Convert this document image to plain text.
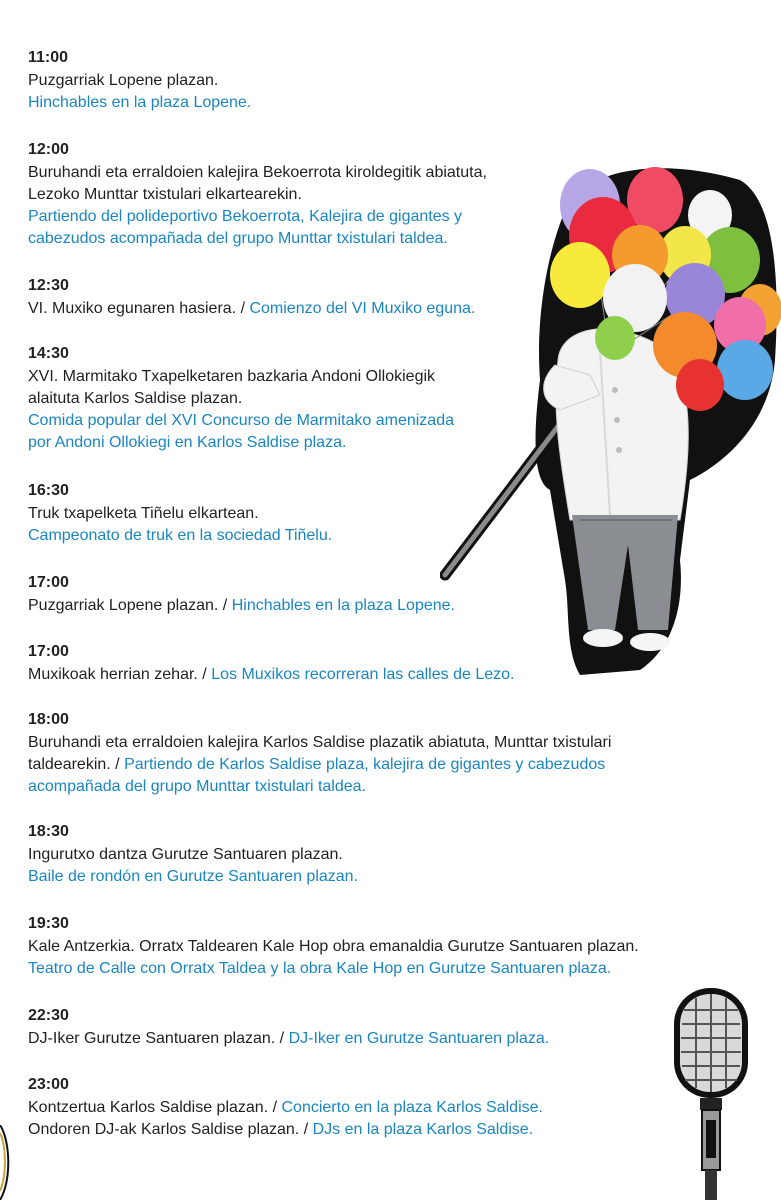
11:00
Puzgarriak Lopene plazan.
Hinchables en la plaza Lopene.
12:00
Buruhandi eta erraldoien kalejira Bekoerrota kiroldegitik abiatuta,
Lezoko Munttar txistulari elkartearekin.
Partiendo del polideportivo Bekoerrota, Kalejira de gigantes y
cabezudos acompañada del grupo Munttar txistulari taldea.
12:30
VI. Muxiko egunaren hasiera. / Comienzo del VI Muxiko eguna.
14:30
XVI. Marmitako Txapelketaren bazkaria Andoni Ollokiegik
alaituta Karlos Saldise plazan.
Comida popular del XVI Concurso de Marmitako amenizada
por Andoni Ollokiegi en Karlos Saldise plaza.
16:30
Truk txapelketa Tiñelu elkartean.
Campeonato de truk en la sociedad Tiñelu.
17:00
Puzgarriak Lopene plazan. / Hinchables en la plaza Lopene.
17:00
Muxikoak herrian zehar. / Los Muxikos recorreran las calles de Lezo.
18:00
Buruhandi eta erraldoien kalejira Karlos Saldise plazatik abiatuta, Munttar txistulari
taldearekin. / Partiendo de Karlos Saldise plaza, kalejira de gigantes y cabezudos
acompañada del grupo Munttar txistulari taldea.
18:30
Ingurutxo dantza Gurutze Santuaren plazan.
Baile de rondón en Gurutze Santuaren plazan.
19:30
Kale Antzerkia. Orratx Taldearen Kale Hop obra emanaldia Gurutze Santuaren plazan.
Teatro de Calle con Orratx Taldea y la obra Kale Hop en Gurutze Santuaren plaza.
22:30
DJ-Iker Gurutze Santuaren plazan. / DJ-Iker en Gurutze Santuaren plaza.
23:00
Kontzertua Karlos Saldise plazan. / Concierto en la plaza Karlos Saldise.
Ondoren DJ-ak Karlos Saldise plazan. / DJs en la plaza Karlos Saldise.
